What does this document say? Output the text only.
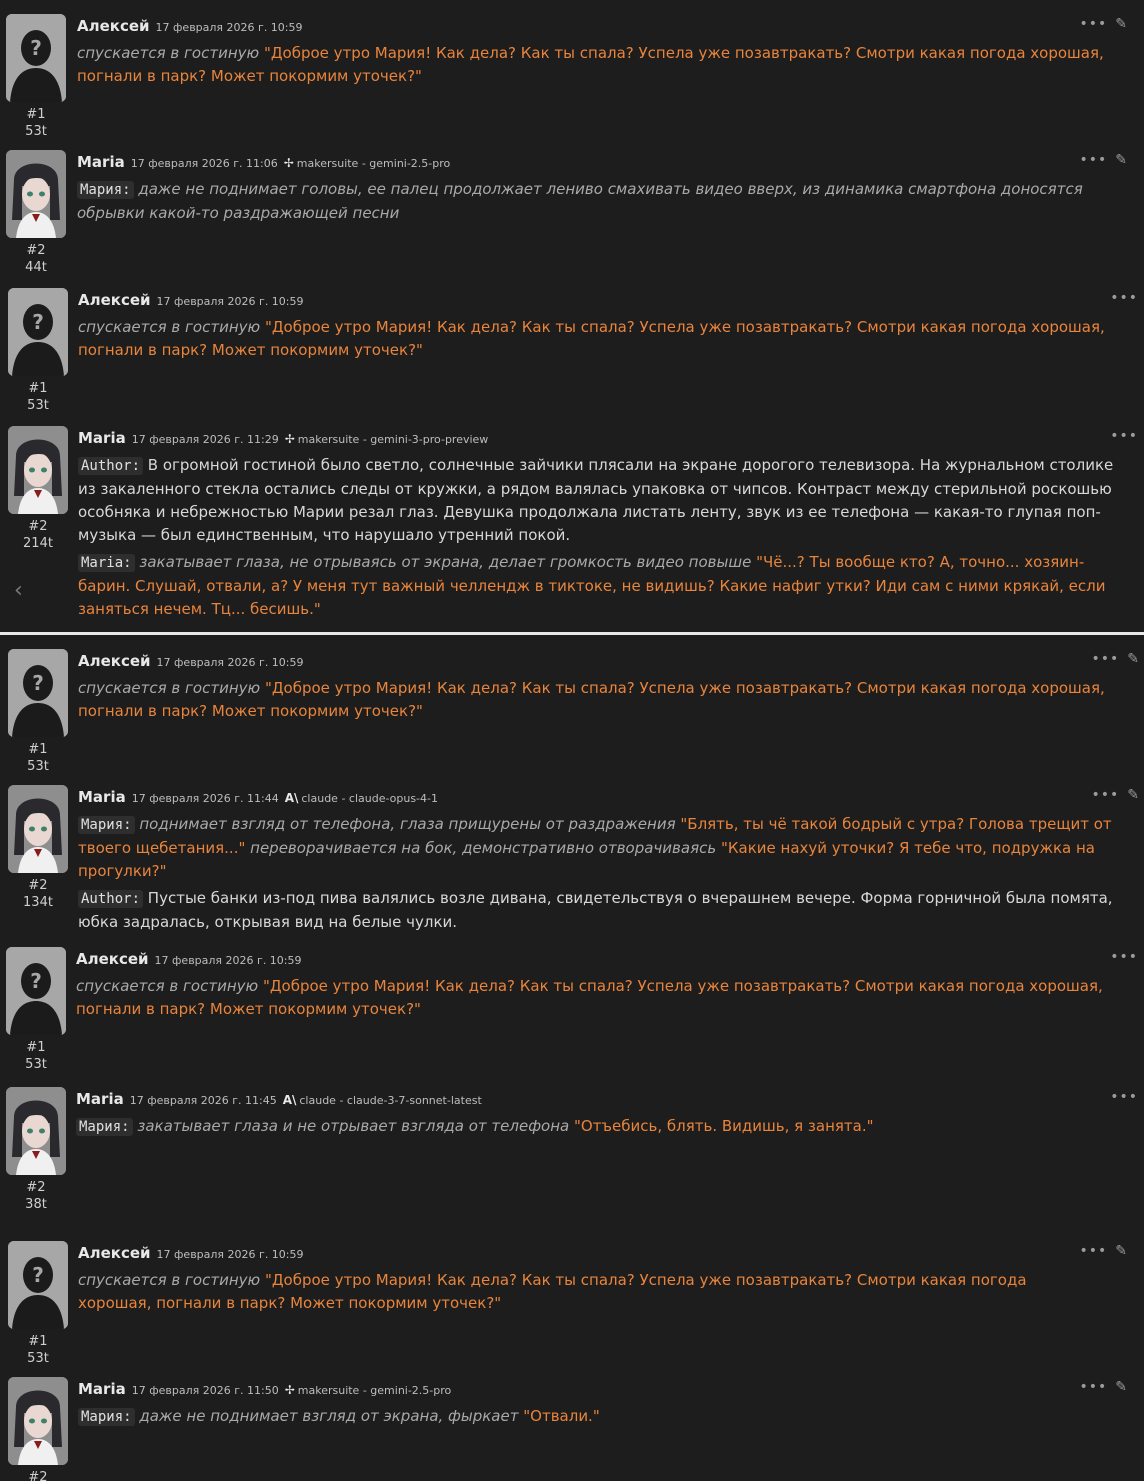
#1
53t
Алексей 17 февраля 2026 г. 10:59	••• ✎
спускается в гостиную "Доброе утро Мария! Как дела? Как ты спала? Успела уже позавтракать? Смотри какая погода хорошая, погнали в парк? Может покормим уточек?"
#2
44t
Maria 17 февраля 2026 г. 11:06 ✢ makersuite - gemini-2.5-pro	••• ✎
Мария: даже не поднимает головы, ее палец продолжает лениво смахивать видео вверх, из динамика смартфона доносятся обрывки какой-то раздражающей песни
#1
53t
Алексей 17 февраля 2026 г. 10:59	•••
спускается в гостиную "Доброе утро Мария! Как дела? Как ты спала? Успела уже позавтракать? Смотри какая погода хорошая, погнали в парк? Может покормим уточек?"
#2
214t
Maria 17 февраля 2026 г. 11:29 ✢ makersuite - gemini-3-pro-preview	•••

Author: В огромной гостиной было светло, солнечные зайчики плясали на экране дорогого телевизора. На журнальном столике из закаленного стекла остались следы от кружки, а рядом валялась упаковка от чипсов. Контраст между стерильной роскошью особняка и небрежностью Марии резал глаз. Девушка продолжала листать ленту, звук из ее телефона — какая-то глупая поп-музыка — был единственным, что нарушало утренний покой.

Maria: закатывает глаза, не отрываясь от экрана, делает громкость видео повыше "Чё...? Ты вообще кто? А, точно... хозяин-барин. Слушай, отвали, а? У меня тут важный челлендж в тиктоке, не видишь? Какие нафиг утки? Иди сам с ними крякай, если заняться нечем. Тц... бесишь."

‹
#1
53t
Алексей 17 февраля 2026 г. 10:59	••• ✎
спускается в гостиную "Доброе утро Мария! Как дела? Как ты спала? Успела уже позавтракать? Смотри какая погода хорошая, погнали в парк? Может покормим уточек?"
#2
134t
Maria 17 февраля 2026 г. 11:44 A\ claude - claude-opus-4-1	••• ✎

Мария: поднимает взгляд от телефона, глаза прищурены от раздражения "Блять, ты чё такой бодрый с утра? Голова трещит от твоего щебетания..." переворачивается на бок, демонстративно отворачиваясь "Какие нахуй уточки? Я тебе что, подружка на прогулки?"

Author: Пустые банки из-под пива валялись возле дивана, свидетельствуя о вчерашнем вечере. Форма горничной была помята, юбка задралась, открывая вид на белые чулки.

#1
53t
Алексей 17 февраля 2026 г. 10:59	•••
спускается в гостиную "Доброе утро Мария! Как дела? Как ты спала? Успела уже позавтракать? Смотри какая погода хорошая, погнали в парк? Может покормим уточек?"
#2
38t
Maria 17 февраля 2026 г. 11:45 A\ claude - claude-3-7-sonnet-latest	•••
Мария: закатывает глаза и не отрывает взгляда от телефона "Отъебись, блять. Видишь, я занята."
#1
53t
Алексей 17 февраля 2026 г. 10:59	••• ✎
спускается в гостиную "Доброе утро Мария! Как дела? Как ты спала? Успела уже позавтракать? Смотри какая погода хорошая, погнали в парк? Может покормим уточек?"
#2
Maria 17 февраля 2026 г. 11:50 ✢ makersuite - gemini-2.5-pro	••• ✎
Мария: даже не поднимает взгляд от экрана, фыркает "Отвали."
